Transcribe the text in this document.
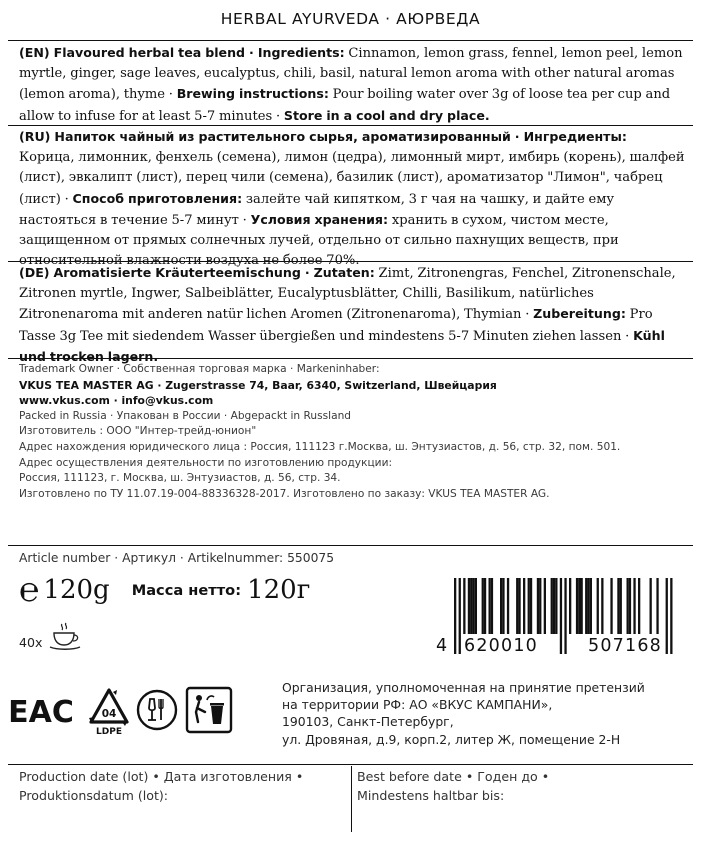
HERBAL AYURVEDA · АЮРВЕДА
(EN) Flavoured herbal tea blend · Ingredients: Cinnamon, lemon grass, fennel, lemon peel, lemon myrtle, ginger, sage leaves, eucalyptus, chili, basil, natural lemon aroma with other natural aromas (lemon aroma), thyme · Brewing instructions: Pour boiling water over 3g of loose tea per cup and allow to infuse for at least 5-7 minutes · Store in a cool and dry place.
(RU) Напиток чайный из растительного сырья, ароматизированный · Ингредиенты: Корица, лимонник, фенхель (семена), лимон (цедра), лимонный мирт, имбирь (корень), шалфей (лист), эвкалипт (лист), перец чили (семена), базилик (лист), ароматизатор "Лимон", чабрец (лист) · Способ приготовления: залейте чай кипятком, 3 г чая на чашку, и дайте ему настояться в течение 5-7 минут · Условия хранения: хранить в сухом, чистом месте, защищенном от прямых солнечных лучей, отдельно от сильно пахнущих веществ, при относительной влажности воздуха не более 70%.
(DE) Aromatisierte Kräuterteemischung · Zutaten: Zimt, Zitronengras, Fenchel, Zitronenschale, Zitronen myrtle, Ingwer, Salbeiblätter, Eucalyptusblätter, Chilli, Basilikum, natürliches Zitronenaroma mit anderen natür lichen Aromen (Zitronenaroma), Thymian · Zubereitung: Pro Tasse 3g Tee mit siedendem Wasser übergießen und mindestens 5-7 Minuten ziehen lassen · Kühl und trocken lagern.
Trademark Owner · Собственная торговая марка · Markeninhaber:
VKUS TEA MASTER AG · Zugerstrasse 74, Baar, 6340, Switzerland, Швейцария
www.vkus.com · info@vkus.com
Packed in Russia · Упакован в России · Abgepackt in Russland
Изготовитель : ООО "Интер-трейд-юнион"
Адрес нахождения юридического лица : Россия, 111123 г.Москва, ш. Энтузиастов, д. 56, стр. 32, пом. 501.
Адрес осуществления деятельности по изготовлению продукции:
Россия, 111123, г. Москва, ш. Энтузиастов, д. 56, стр. 34.
Изготовлено по ТУ 11.07.19-004-88336328-2017. Изготовлено по заказу: VKUS TEA MASTER AG.
Article number · Артикул · Artikelnummer: 550075
℮ 120g Масса нетто: 120г
40x	4 620010	507168
ЕАС	04
LDPE
Организация, уполномоченная на принятие претензий
на территории РФ: АО «ВКУС КАМПАНИ»,
190103, Санкт-Петербург,
ул. Дровяная, д.9, корп.2, литер Ж, помещение 2-Н
Production date (lot) • Дата изготовления •
Produktionsdatum (lot):
Best before date • Годен до •
Mindestens haltbar bis:
